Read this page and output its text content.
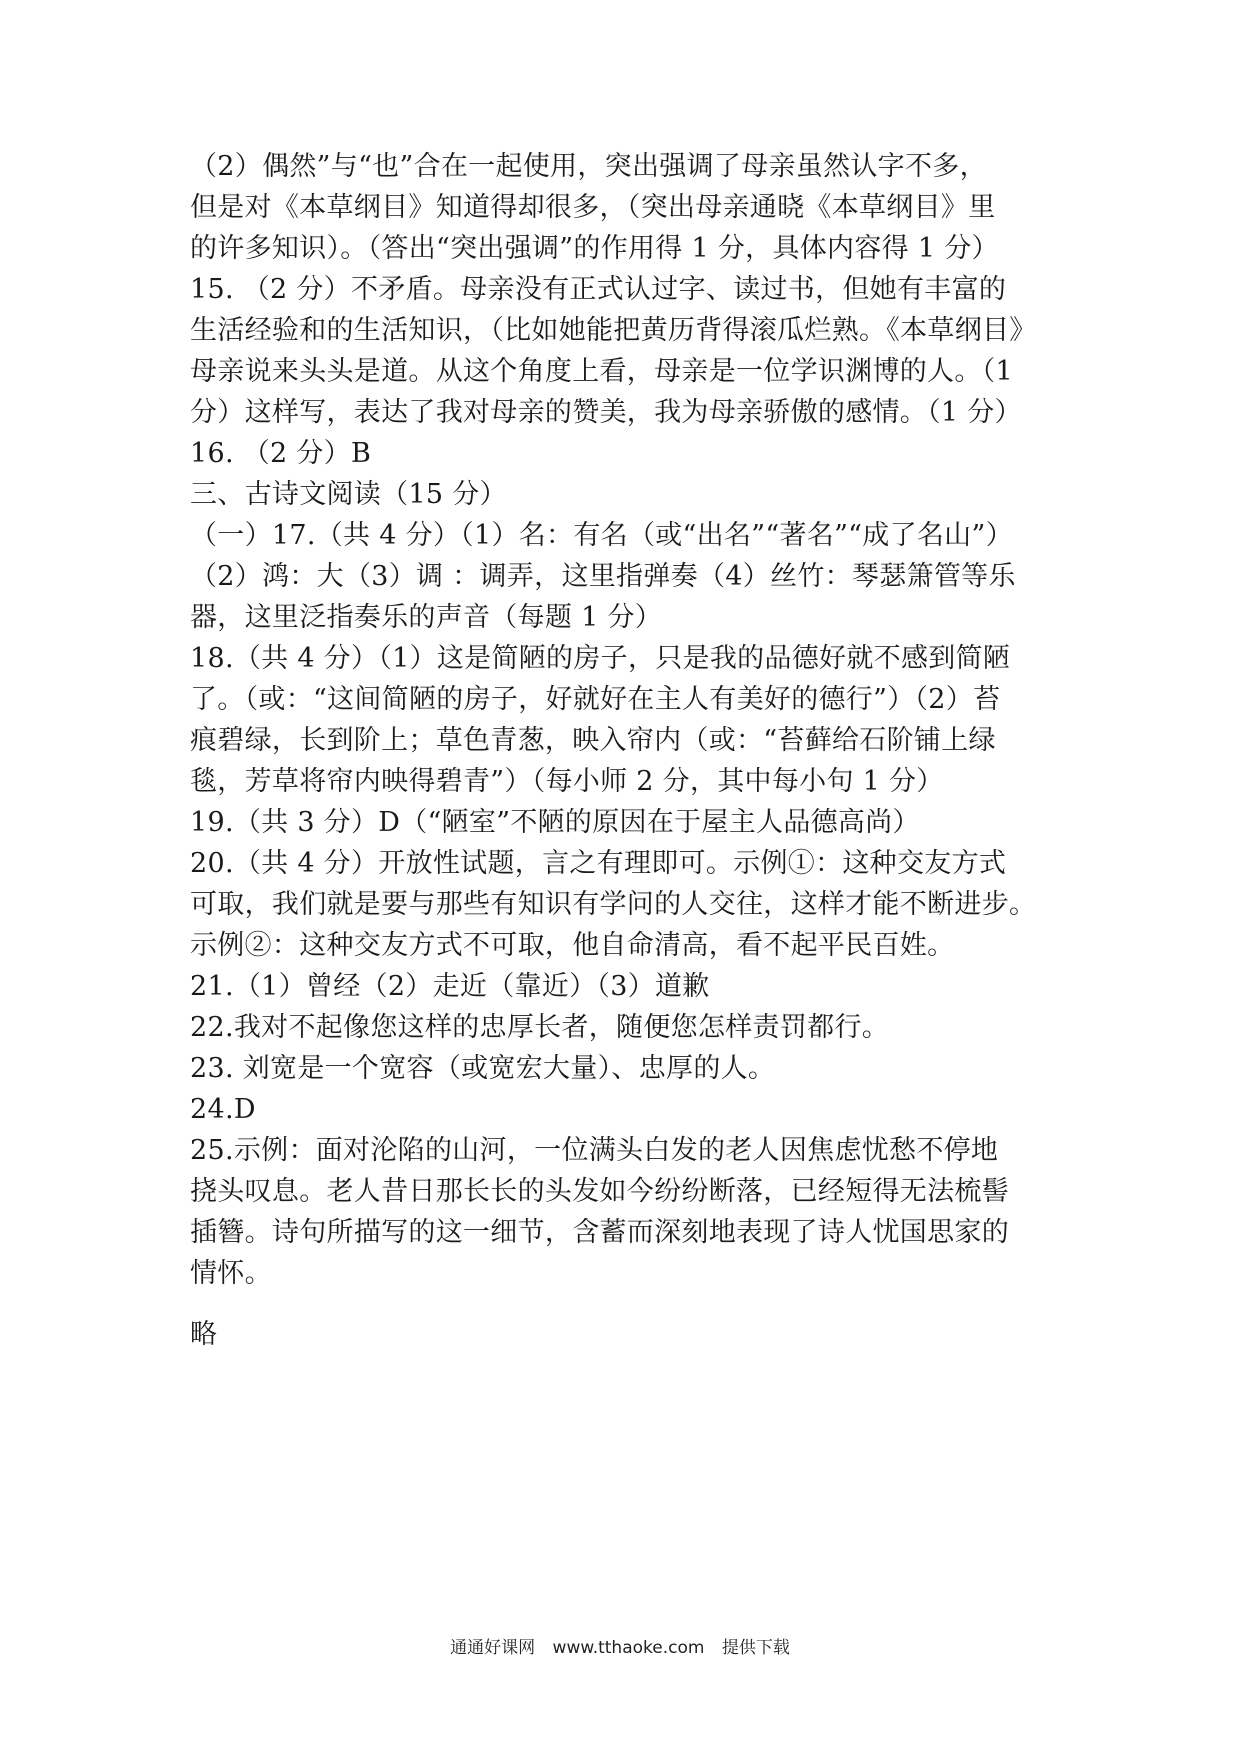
（2）偶然”与“也”合在一起使用，突出强调了母亲虽然认字不多，
但是对《本草纲目》知道得却很多，（突出母亲通晓《本草纲目》里
的许多知识）。（答出“突出强调”的作用得 1 分，具体内容得 1 分）
15. （2 分）不矛盾。母亲没有正式认过字、读过书，但她有丰富的
生活经验和的生活知识，（比如她能把黄历背得滚瓜烂熟。《本草纲目》
母亲说来头头是道。从这个角度上看，母亲是一位学识渊博的人。（1
分）这样写，表达了我对母亲的赞美，我为母亲骄傲的感情。（1 分）
16. （2 分）B
三、古诗文阅读（15 分）
（一）17.（共 4 分）（1）名：有名（或“出名”“著名”“成了名山”）
（2）鸿：大（3）调 ：调弄，这里指弹奏（4）丝竹：琴瑟箫管等乐
器，这里泛指奏乐的声音（每题 1 分）
18.（共 4 分）（1）这是简陋的房子，只是我的品德好就不感到简陋
了。（或：“这间简陋的房子，好就好在主人有美好的德行”）（2）苔
痕碧绿，长到阶上；草色青葱，映入帘内（或：“苔藓给石阶铺上绿
毯，芳草将帘内映得碧青”）（每小师 2 分，其中每小句 1 分）
19.（共 3 分）D（“陋室”不陋的原因在于屋主人品德高尚）
20.（共 4 分）开放性试题，言之有理即可。示例①：这种交友方式
可取，我们就是要与那些有知识有学问的人交往，这样才能不断进步。
示例②：这种交友方式不可取，他自命清高，看不起平民百姓。
21.（1）曾经（2）走近（靠近）（3）道歉
22.我对不起像您这样的忠厚长者，随便您怎样责罚都行。
23. 刘宽是一个宽容（或宽宏大量）、忠厚的人。
24.D
25.示例：面对沦陷的山河，一位满头白发的老人因焦虑忧愁不停地
挠头叹息。老人昔日那长长的头发如今纷纷断落，已经短得无法梳髻
插簪。诗句所描写的这一细节，含蓄而深刻地表现了诗人忧国思家的
情怀。
略
通通好课网 www.tthaoke.com 提供下载
